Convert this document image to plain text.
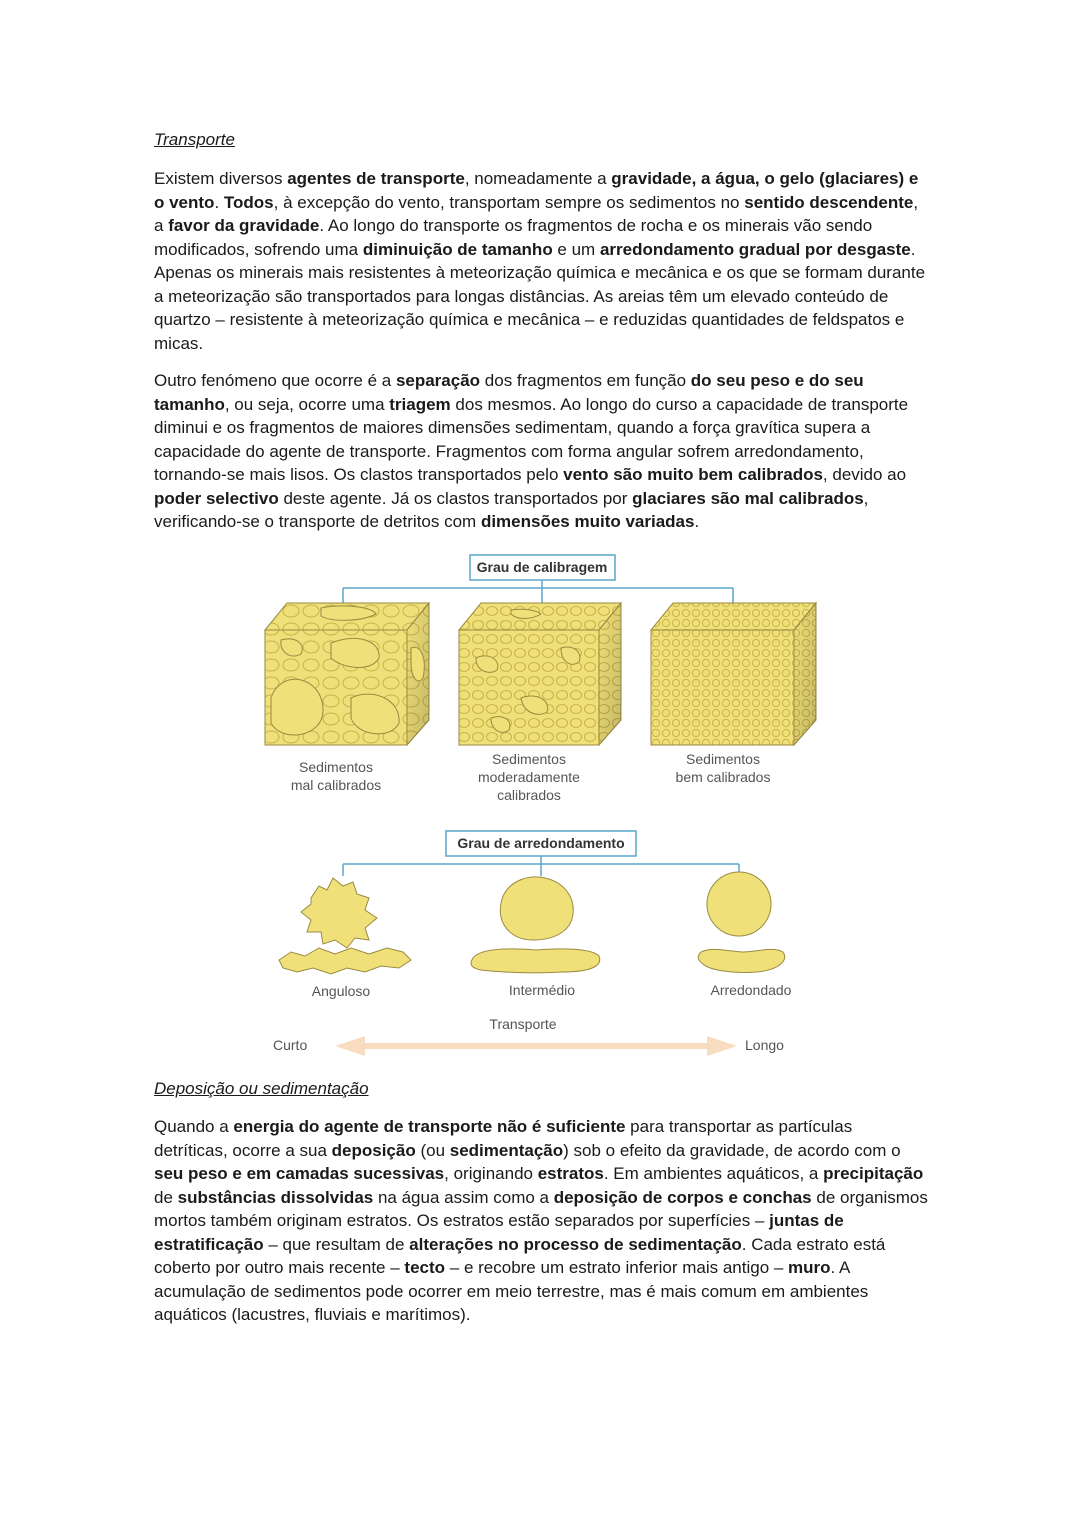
Transporte
Existem diversos agentes de transporte, nomeadamente a gravidade, a água, o gelo (glaciares) e o vento. Todos, à excepção do vento, transportam sempre os sedimentos no sentido descendente, a favor da gravidade. Ao longo do transporte os fragmentos de rocha e os minerais vão sendo modificados, sofrendo uma diminuição de tamanho e um arredondamento gradual por desgaste. Apenas os minerais mais resistentes à meteorização química e mecânica e os que se formam durante a meteorização são transportados para longas distâncias. As areias têm um elevado conteúdo de quartzo – resistente à meteorização química e mecânica – e reduzidas quantidades de feldspatos e micas.
Outro fenómeno que ocorre é a separação dos fragmentos em função do seu peso e do seu tamanho, ou seja, ocorre uma triagem dos mesmos. Ao longo do curso a capacidade de transporte diminui e os fragmentos de maiores dimensões sedimentam, quando a força gravítica supera a capacidade do agente de transporte. Fragmentos com forma angular sofrem arredondamento, tornando-se mais lisos. Os clastos transportados pelo vento são muito bem calibrados, devido ao poder selectivo deste agente. Já os clastos transportados por glaciares são mal calibrados, verificando-se o transporte de detritos com dimensões muito variadas.
Deposição ou sedimentação
Quando a energia do agente de transporte não é suficiente para transportar as partículas detríticas, ocorre a sua deposição (ou sedimentação) sob o efeito da gravidade, de acordo com o seu peso e em camadas sucessivas, originando estratos. Em ambientes aquáticos, a precipitação de substâncias dissolvidas na água assim como a deposição de corpos e conchas de organismos mortos também originam estratos. Os estratos estão separados por superfícies – juntas de estratificação – que resultam de alterações no processo de sedimentação. Cada estrato está coberto por outro mais recente – tecto – e recobre um estrato inferior mais antigo – muro. A acumulação de sedimentos pode ocorrer em meio terrestre, mas é mais comum em ambientes aquáticos (lacustres, fluviais e marítimos).
Grau de calibragem
Sedimentos
mal calibrados
Sedimentos
moderadamente
calibrados
Sedimentos
bem calibrados
Grau de arredondamento
Anguloso	Intermédio	Arredondado
Transporte
Curto	Longo
